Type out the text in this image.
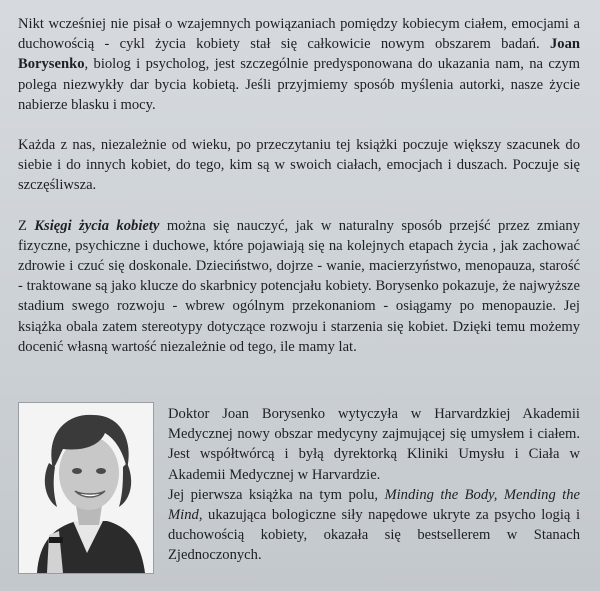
Nikt wcześniej nie pisał o wzajemnych powiązaniach pomiędzy kobiecym ciałem, emocjami a duchowością - cykl życia kobiety stał się całkowicie nowym obszarem badań. Joan Borysenko, biolog i psycholog, jest szczególnie predysponowana do ukazania nam, na czym polega niezwykły dar bycia kobietą. Jeśli przyjmiemy sposób myślenia autorki, nasze życie nabierze blasku i mocy.

Każda z nas, niezależnie od wieku, po przeczytaniu tej książki poczuje większy szacunek do siebie i do innych kobiet, do tego, kim są w swoich ciałach, emocjach i duszach. Poczuje się szczęśliwsza.

Z Księgi życia kobiety można się nauczyć, jak w naturalny sposób przejść przez zmiany fizyczne, psychiczne i duchowe, które pojawiają się na kolejnych etapach życia , jak zachować zdrowie i czuć się doskonale. Dzieciństwo, dojrze - wanie, macierzyństwo, menopauza, starość - traktowane są jako klucze do skarbnicy potencjału kobiety. Borysenko pokazuje, że najwyższe stadium swego rozwoju - wbrew ogólnym przekonaniom - osiągamy po menopauzie. Jej książka obala zatem stereotypy dotyczące rozwoju i starzenia się kobiet. Dzięki temu możemy docenić własną wartość niezależnie od tego, ile mamy lat.

Doktor Joan Borysenko wytyczyła w Harvardzkiej Akademii Medycznej nowy obszar medycyny zajmującej się umysłem i ciałem. Jest współtwórcą i byłą dyrektorką Kliniki Umysłu i Ciała w Akademii Medycznej w Harvardzie.

Jej pierwsza książka na tym polu, Minding the Body, Mending the Mind, ukazująca bologiczne siły napędowe ukryte za psycho logią i duchowością kobiety, okazała się bestsellerem w Stanach Zjednoczonych.
